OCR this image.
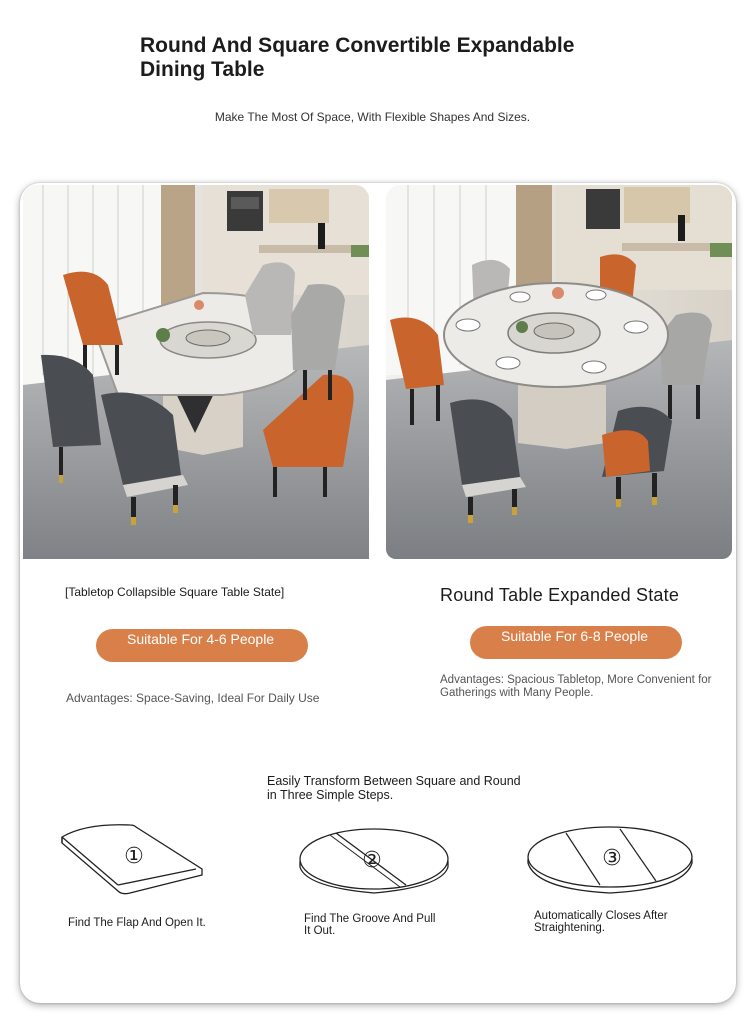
Round And Square Convertible Expandable Dining Table
Make The Most Of Space, With Flexible Shapes And Sizes.
[Tabletop Collapsible Square Table State]	Round Table Expanded State
Suitable For 4-6 People	Suitable For 6-8 People
Advantages: Space-Saving, Ideal For Daily Use
Advantages: Spacious Tabletop, More Convenient for Gatherings with Many People.
Easily Transform Between Square and Round in Three Simple Steps.
①	②	③
Find The Flap And Open It.	Find The Groove And Pull It Out.
Automatically Closes After Straightening.
